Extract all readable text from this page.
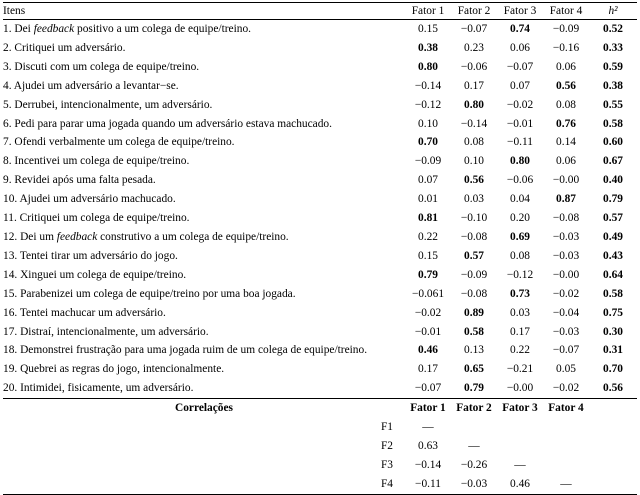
Itens	Fator 1	Fator 2	Fator 3	Fator 4	h²
1. Dei feedback positivo a um colega de equipe/treino.	0.15	−0.07	0.74	−0.09	0.52
2. Critiquei um adversário.	0.38	0.23	0.06	−0.16	0.33
3. Discuti com um colega de equipe/treino.	0.80	−0.06	−0.07	0.06	0.59
4. Ajudei um adversário a levantar−se.	−0.14	0.17	0.07	0.56	0.38
5. Derrubei, intencionalmente, um adversário.	−0.12	0.80	−0.02	0.08	0.55
6. Pedi para parar uma jogada quando um adversário estava machucado.	0.10	−0.14	−0.01	0.76	0.58
7. Ofendi verbalmente um colega de equipe/treino.	0.70	0.08	−0.11	0.14	0.60
8. Incentivei um colega de equipe/treino.	−0.09	0.10	0.80	0.06	0.67
9. Revidei após uma falta pesada.	0.07	0.56	−0.06	−0.00	0.40
10. Ajudei um adversário machucado.	0.01	0.03	0.04	0.87	0.79
11. Critiquei um colega de equipe/treino.	0.81	−0.10	0.20	−0.08	0.57
12. Dei um feedback construtivo a um colega de equipe/treino.	0.22	−0.08	0.69	−0.03	0.49
13. Tentei tirar um adversário do jogo.	0.15	0.57	0.08	−0.03	0.43
14. Xinguei um colega de equipe/treino.	0.79	−0.09	−0.12	−0.00	0.64
15. Parabenizei um colega de equipe/treino por uma boa jogada.	−0.061	−0.08	0.73	−0.02	0.58
16. Tentei machucar um adversário.	−0.02	0.89	0.03	−0.04	0.75
17. Distraí, intencionalmente, um adversário.	−0.01	0.58	0.17	−0.03	0.30
18. Demonstrei frustração para uma jogada ruim de um colega de equipe/treino.	0.46	0.13	0.22	−0.07	0.31
19. Quebrei as regras do jogo, intencionalmente.	0.17	0.65	−0.21	0.05	0.70
20. Intimidei, fisicamente, um adversário.	−0.07	0.79	−0.00	−0.02	0.56
Correlações	Fator 1	Fator 2	Fator 3	Fator 4	
F1	—				
F2	0.63	—			
F3	−0.14	−0.26	—		
F4	−0.11	−0.03	0.46	—	
